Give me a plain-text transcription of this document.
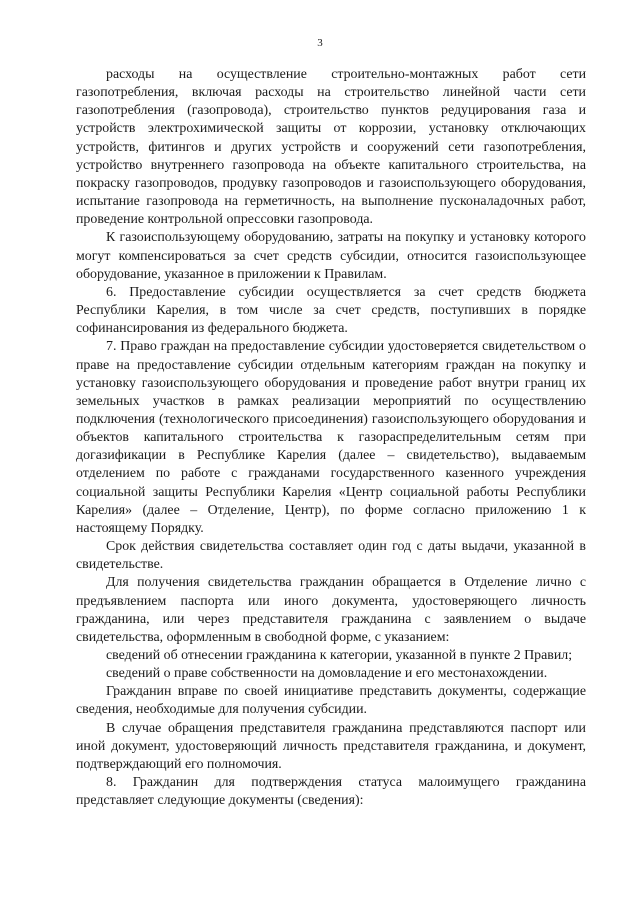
3

расходы на осуществление строительно-монтажных работ сети газопотребления, включая расходы на строительство линейной части сети газопотребления (газопровода), строительство пунктов редуцирования газа и устройств электрохимической защиты от коррозии, установку отключающих устройств, фитингов и других устройств и сооружений сети газопотребления, устройство внутреннего газопровода на объекте капитального строительства, на покраску газопроводов, продувку газопроводов и газоиспользующего оборудования, испытание газопровода на герметичность, на выполнение пусконаладочных работ, проведение контрольной опрессовки газопровода.

К газоиспользующему оборудованию, затраты на покупку и установку которого могут компенсироваться за счет средств субсидии, относится газоиспользующее оборудование, указанное в приложении к Правилам.

6. Предоставление субсидии осуществляется за счет средств бюджета Республики Карелия, в том числе за счет средств, поступивших в порядке софинансирования из федерального бюджета.

7. Право граждан на предоставление субсидии удостоверяется свидетельством о праве на предоставление субсидии отдельным категориям граждан на покупку и установку газоиспользующего оборудования и проведение работ внутри границ их земельных участков в рамках реализации мероприятий по осуществлению подключения (технологического присоединения) газоиспользующего оборудования и объектов капитального строительства к газораспределительным сетям при догазификации в Республике Карелия (далее – свидетельство), выдаваемым отделением по работе с гражданами государственного казенного учреждения социальной защиты Республики Карелия «Центр социальной работы Республики Карелия» (далее – Отделение, Центр), по форме согласно приложению 1 к настоящему Порядку.

Срок действия свидетельства составляет один год с даты выдачи, указанной в свидетельстве.

Для получения свидетельства гражданин обращается в Отделение лично с предъявлением паспорта или иного документа, удостоверяющего личность гражданина, или через представителя гражданина с заявлением о выдаче свидетельства, оформленным в свободной форме, с указанием:

сведений об отнесении гражданина к категории, указанной в пункте 2 Правил;

сведений о праве собственности на домовладение и его местонахождении.

Гражданин вправе по своей инициативе представить документы, содержащие сведения, необходимые для получения субсидии.

В случае обращения представителя гражданина представляются паспорт или иной документ, удостоверяющий личность представителя гражданина, и документ, подтверждающий его полномочия.

8. Гражданин для подтверждения статуса малоимущего гражданина представляет следующие документы (сведения):
